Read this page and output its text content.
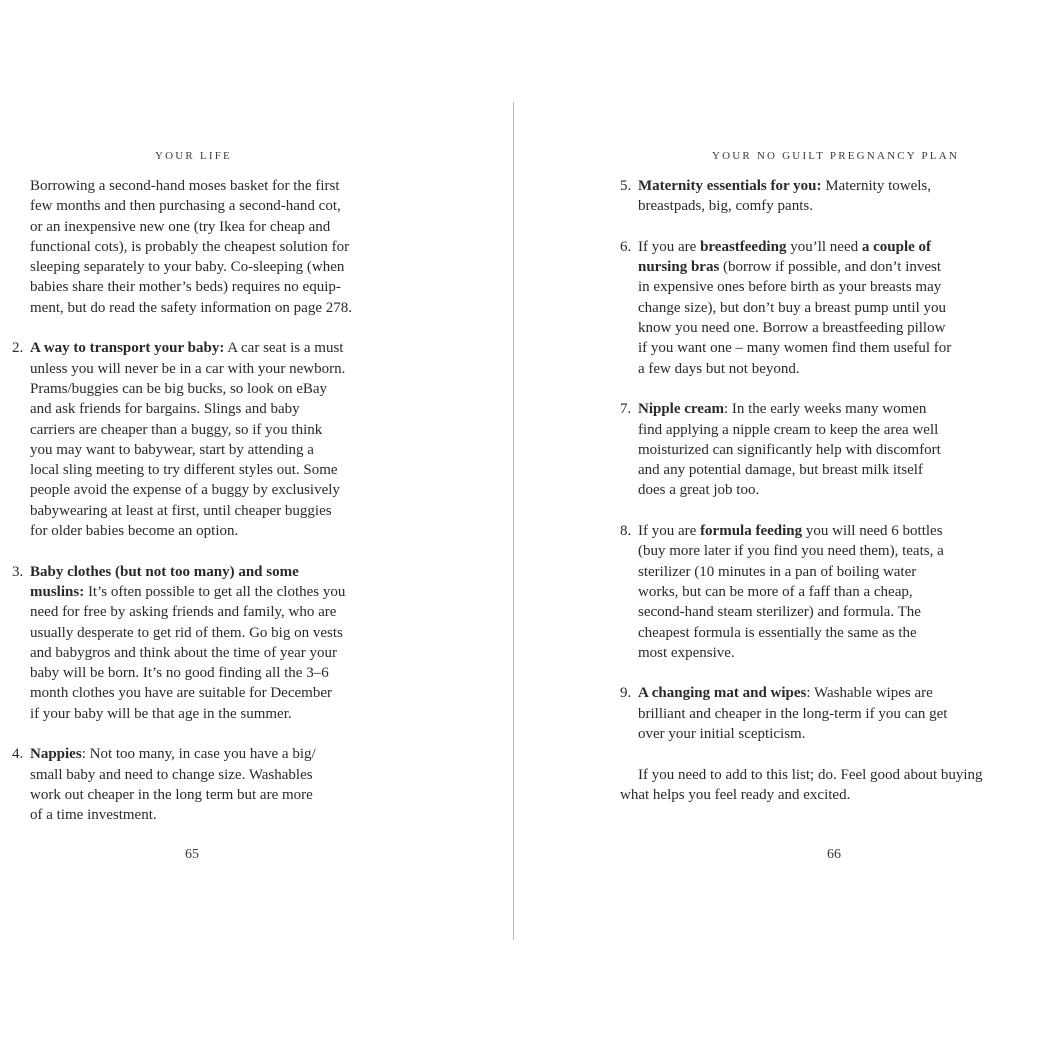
YOUR LIFE

Borrowing a second-hand moses basket for the first
few months and then purchasing a second-hand cot,
or an inexpensive new one (try Ikea for cheap and
functional cots), is probably the cheapest solution for
sleeping separately to your baby. Co-sleeping (when
babies share their mother’s beds) requires no equip-
ment, but do read the safety information on page 278.

2. A way to transport your baby: A car seat is a must
unless you will never be in a car with your newborn.
Prams/buggies can be big bucks, so look on eBay
and ask friends for bargains. Slings and baby
carriers are cheaper than a buggy, so if you think
you may want to babywear, start by attending a
local sling meeting to try different styles out. Some
people avoid the expense of a buggy by exclusively
babywearing at least at first, until cheaper buggies
for older babies become an option.
3. Baby clothes (but not too many) and some
muslins: It’s often possible to get all the clothes you
need for free by asking friends and family, who are
usually desperate to get rid of them. Go big on vests
and babygros and think about the time of year your
baby will be born. It’s no good finding all the 3–6
month clothes you have are suitable for December
if your baby will be that age in the summer.
4. Nappies: Not too many, in case you have a big/
small baby and need to change size. Washables
work out cheaper in the long term but are more
of a time investment.
65
YOUR NO GUILT PREGNANCY PLAN
5. Maternity essentials for you: Maternity towels,
breastpads, big, comfy pants.
6. If you are breastfeeding you’ll need a couple of
nursing bras (borrow if possible, and don’t invest
in expensive ones before birth as your breasts may
change size), but don’t buy a breast pump until you
know you need one. Borrow a breastfeeding pillow
if you want one – many women find them useful for
a few days but not beyond.
7. Nipple cream: In the early weeks many women
find applying a nipple cream to keep the area well
moisturized can significantly help with discomfort
and any potential damage, but breast milk itself
does a great job too.
8. If you are formula feeding you will need 6 bottles
(buy more later if you find you need them), teats, a
sterilizer (10 minutes in a pan of boiling water
works, but can be more of a faff than a cheap,
second-hand steam sterilizer) and formula. The
cheapest formula is essentially the same as the
most expensive.
9. A changing mat and wipes: Washable wipes are
brilliant and cheaper in the long-term if you can get
over your initial scepticism.

If you need to add to this list; do. Feel good about buying
what helps you feel ready and excited.

66
